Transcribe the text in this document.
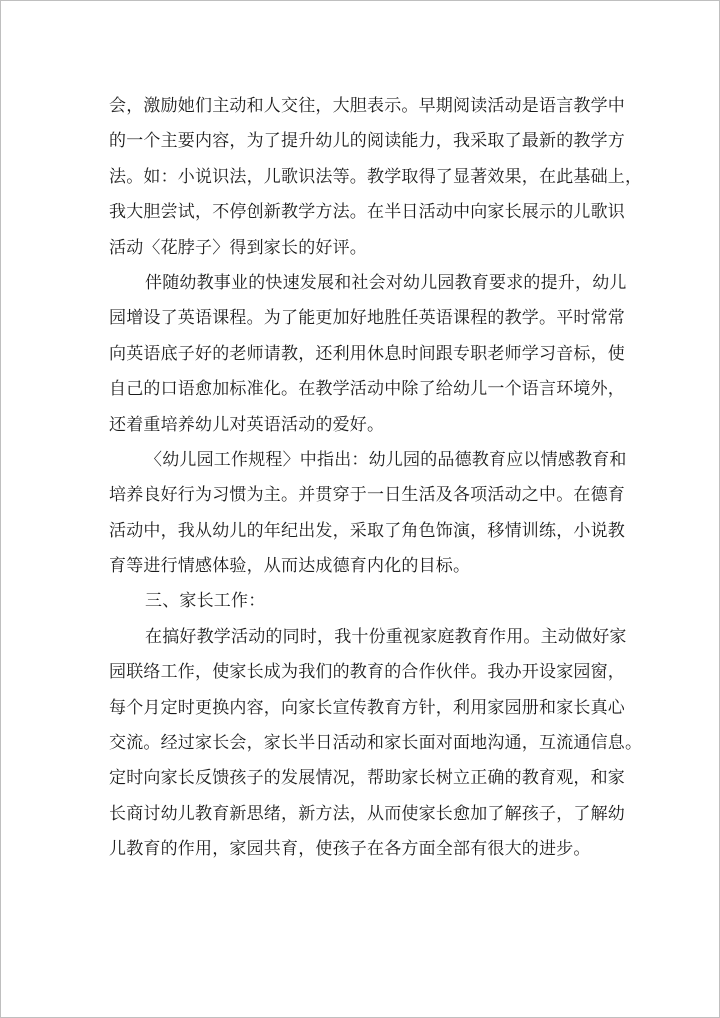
会，激励她们主动和人交往，大胆表示。早期阅读活动是语言教学中
的一个主要内容，为了提升幼儿的阅读能力，我采取了最新的教学方
法。如：小说识法，儿歌识法等。教学取得了显著效果，在此基础上，
我大胆尝试，不停创新教学方法。在半日活动中向家长展示的儿歌识
活动〈花脖子〉得到家长的好评。
伴随幼教事业的快速发展和社会对幼儿园教育要求的提升，幼儿
园增设了英语课程。为了能更加好地胜任英语课程的教学。平时常常
向英语底子好的老师请教，还利用休息时间跟专职老师学习音标，使
自己的口语愈加标准化。在教学活动中除了给幼儿一个语言环境外，
还着重培养幼儿对英语活动的爱好。
〈幼儿园工作规程〉中指出：幼儿园的品德教育应以情感教育和
培养良好行为习惯为主。并贯穿于一日生活及各项活动之中。在德育
活动中，我从幼儿的年纪出发，采取了角色饰演，移情训练，小说教
育等进行情感体验，从而达成德育内化的目标。
三、家长工作：
在搞好教学活动的同时，我十份重视家庭教育作用。主动做好家
园联络工作，使家长成为我们的教育的合作伙伴。我办开设家园窗，
每个月定时更换内容，向家长宣传教育方针，利用家园册和家长真心
交流。经过家长会，家长半日活动和家长面对面地沟通，互流通信息。
定时向家长反馈孩子的发展情况，帮助家长树立正确的教育观，和家
长商讨幼儿教育新思绪，新方法，从而使家长愈加了解孩子，了解幼
儿教育的作用，家园共育，使孩子在各方面全部有很大的进步。
